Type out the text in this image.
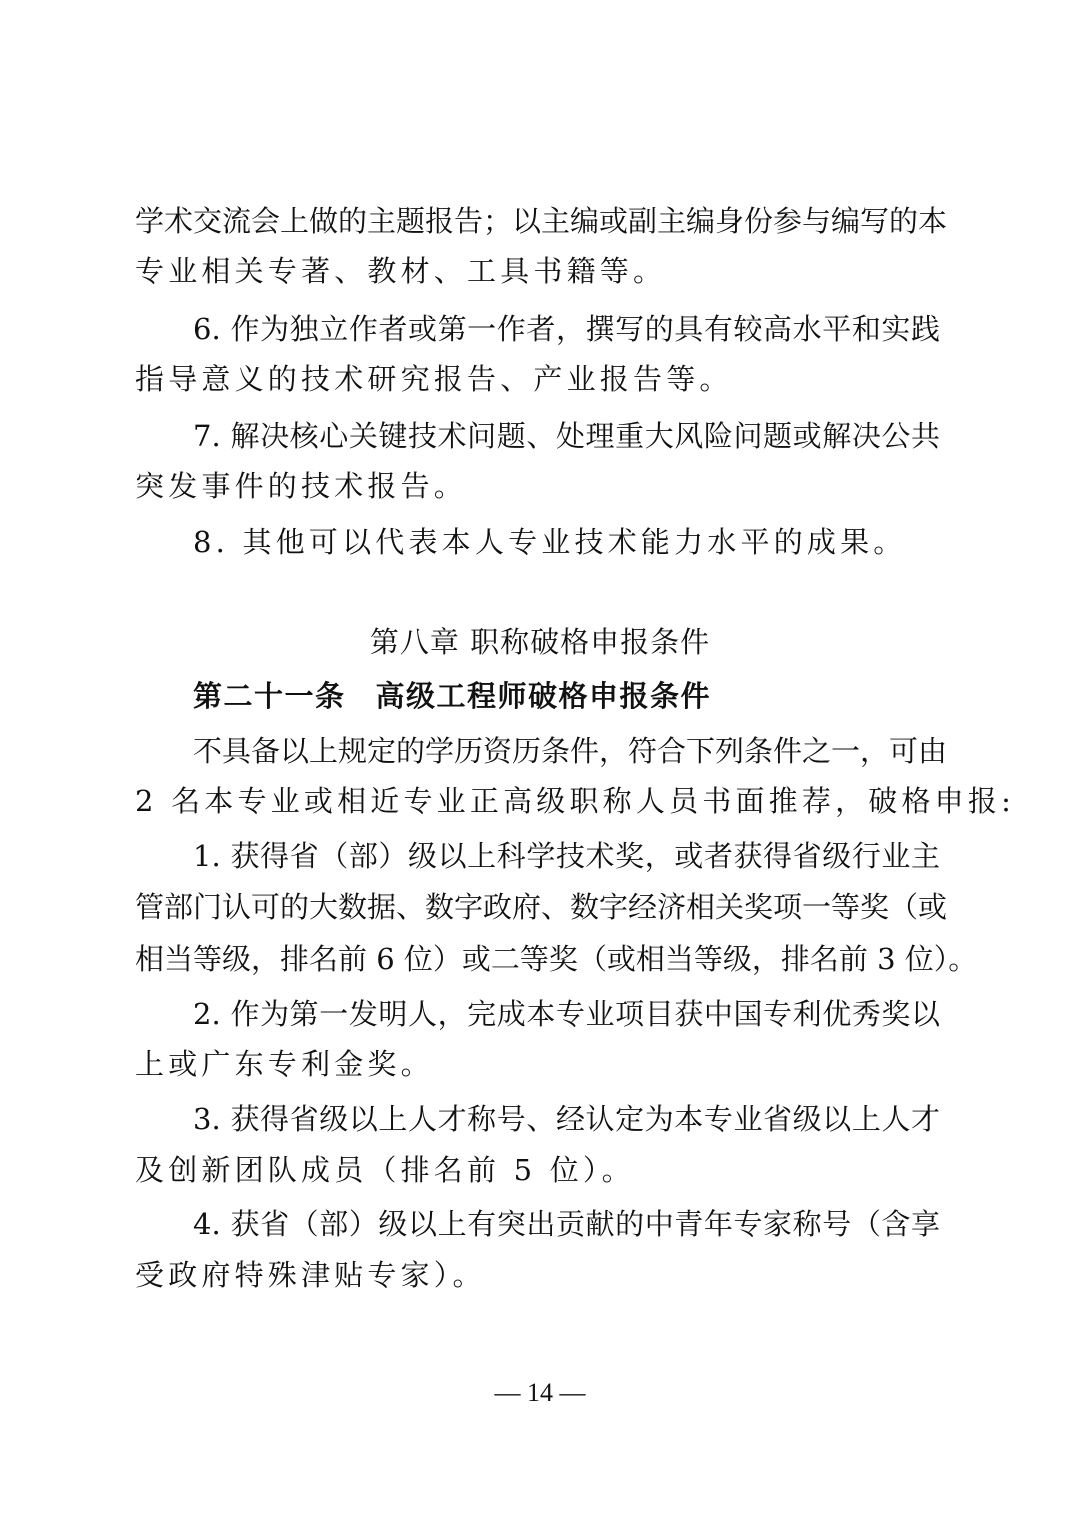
学术交流会上做的主题报告；以主编或副主编身份参与编写的本
专业相关专著、教材、工具书籍等。
6. 作为独立作者或第一作者，撰写的具有较高水平和实践
指导意义的技术研究报告、产业报告等。
7. 解决核心关键技术问题、处理重大风险问题或解决公共
突发事件的技术报告。
8. 其他可以代表本人专业技术能力水平的成果。
第八章 职称破格申报条件
第二十一条 高级工程师破格申报条件
不具备以上规定的学历资历条件，符合下列条件之一，可由
2 名本专业或相近专业正高级职称人员书面推荐，破格申报:
1. 获得省（部）级以上科学技术奖，或者获得省级行业主
管部门认可的大数据、数字政府、数字经济相关奖项一等奖（或
相当等级，排名前 6 位）或二等奖（或相当等级，排名前 3 位）。
2. 作为第一发明人，完成本专业项目获中国专利优秀奖以
上或广东专利金奖。
3. 获得省级以上人才称号、经认定为本专业省级以上人才
及创新团队成员（排名前 5 位）。
4. 获省（部）级以上有突出贡献的中青年专家称号（含享
受政府特殊津贴专家）。
— 14 —
